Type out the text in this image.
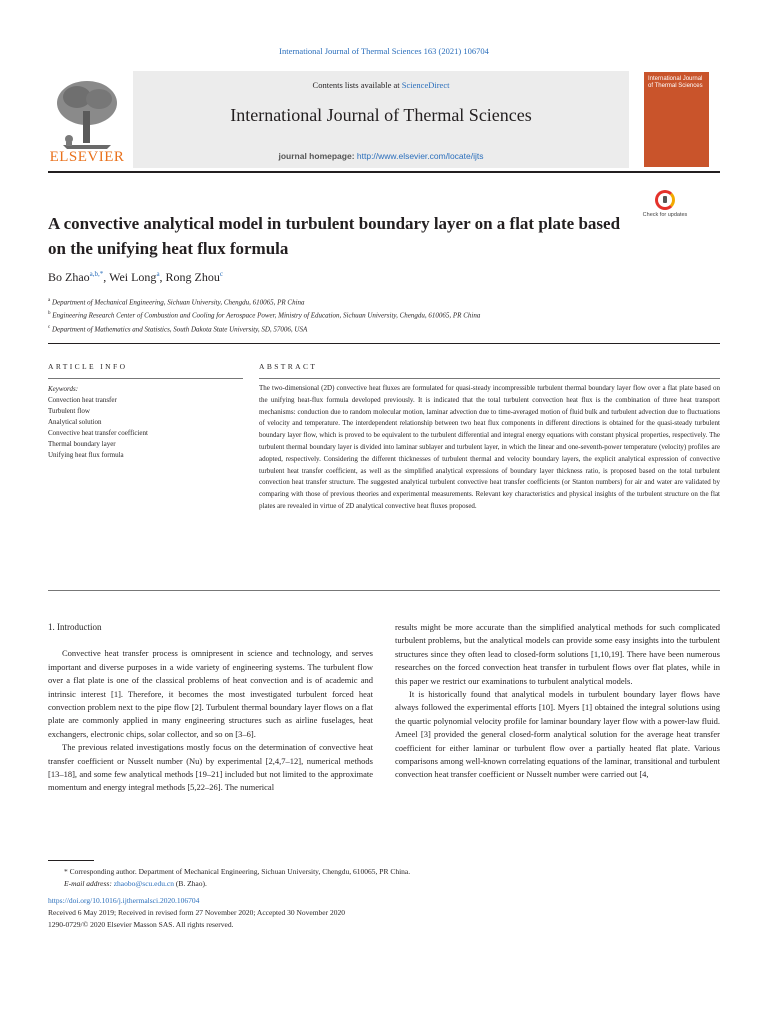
International Journal of Thermal Sciences 163 (2021) 106704
Contents lists available at ScienceDirect
International Journal of Thermal Sciences
journal homepage: http://www.elsevier.com/locate/ijts
ELSEVIER
International Journal of Thermal Sciences
A convective analytical model in turbulent boundary layer on a flat plate based on the unifying heat flux formula
Check for updates
Bo Zhao$^{a,b,*}$, Wei Long$^a$, Rong Zhou$^c$
$^a$ Department of Mechanical Engineering, Sichuan University, Chengdu, 610065, PR China
$^b$ Engineering Research Center of Combustion and Cooling for Aerospace Power, Ministry of Education, Sichuan University, Chengdu, 610065, PR China
$^c$ Department of Mathematics and Statistics, South Dakota State University, SD, 57006, USA
ARTICLE INFO
Keywords:
Convection heat transfer
Turbulent flow
Analytical solution
Convective heat transfer coefficient
Thermal boundary layer
Unifying heat flux formula
ABSTRACT
The two-dimensional (2D) convective heat fluxes are formulated for quasi-steady incompressible turbulent thermal boundary layer flow over a flat plate based on the unifying heat-flux formula developed previously. It is indicated that the total turbulent convection heat flux is the combination of three heat transport mechanisms: conduction due to random molecular motion, laminar advection due to time-averaged motion of fluid bulk and turbulent advection due to fluctuations of velocity and temperature. The interdependent relationship between two heat flux components in different directions is obtained for the quasi-steady turbulent boundary layer flow, which is proved to be equivalent to the turbulent differential and integral energy equations with constant physical properties, respectively. The turbulent thermal boundary layer is divided into laminar sublayer and turbulent layer, in which the linear and one-seventh-power temperature (velocity) profiles are adopted, respectively. Considering the different thicknesses of turbulent thermal and velocity boundary layers, the explicit analytical expression of convective turbulent heat transfer coefficient, as well as the simplified analytical expressions of boundary layer thickness ratio, is proposed based on the total turbulent convection heat transfer structure. The suggested analytical turbulent convective heat transfer coefficients (or Stanton numbers) for air and water are validated by comparing with those of previous theories and experimental measurements. Relevant key characteristics and physical insights of the turbulent structure on the flat plates are revealed in virtue of 2D analytical convective heat fluxes proposed.

1. Introduction

Convective heat transfer process is omnipresent in science and technology, and serves important and diverse purposes in a wide variety of engineering systems. The turbulent flow over a flat plate is one of the classical problems of heat convection and is of academic and intrinsic interest [1]. Therefore, it becomes the most investigated turbulent forced heat convection problem next to the pipe flow [2]. Turbulent thermal boundary layer flows on a flat plate are commonly applied in many engineering structures such as airline fuselages, heat exchangers, electronic chips, solar collector, and so on [3–6].

The previous related investigations mostly focus on the determination of convective heat transfer coefficient or Nusselt number (Nu) by experimental [2,4,7–12], numerical methods [13–18], and some few analytical methods [19–21] included but not limited to the approximate momentum and energy integral methods [5,22–26]. The numerical

results might be more accurate than the simplified analytical methods for such complicated turbulent problems, but the analytical models can provide some easy insights into the turbulent structures since they often lead to closed-form solutions [1,10,19]. There have been numerous researches on the forced convection heat transfer in turbulent flows over flat plates, while in this paper we restrict our examinations to turbulent analytical models.

It is historically found that analytical models in turbulent boundary layer flows have always followed the experimental efforts [10]. Myers [1] obtained the integral solutions using the quartic polynomial velocity profile for laminar boundary layer flow with a power-law fluid. Ameel [3] provided the general closed-form analytical solution for the average heat transfer coefficient for either laminar or turbulent flow over a partially heated flat plate. Various comparisons among well-known correlating equations of the laminar, transitional and turbulent convection heat transfer coefficient or Nusselt number were carried out [4,

* Corresponding author. Department of Mechanical Engineering, Sichuan University, Chengdu, 610065, PR China.
E-mail address: zhaobo@scu.edu.cn (B. Zhao).
https://doi.org/10.1016/j.ijthermalsci.2020.106704
Received 6 May 2019; Received in revised form 27 November 2020; Accepted 30 November 2020
1290-0729/© 2020 Elsevier Masson SAS. All rights reserved.
